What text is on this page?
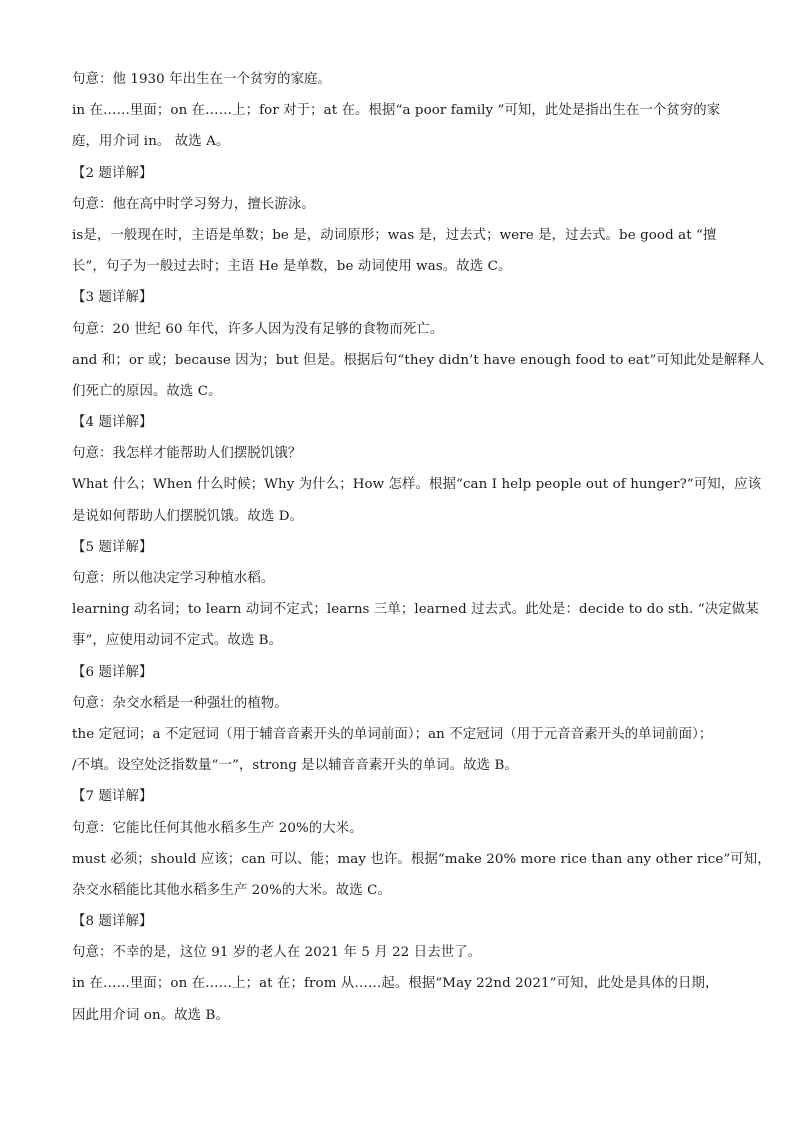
句意：他 1930 年出生在一个贫穷的家庭。
in 在……里面；on 在……上；for 对于；at 在。根据“a poor family ”可知，此处是指出生在一个贫穷的家
庭，用介词 in。 故选 A。
【2 题详解】
句意：他在高中时学习努力，擅长游泳。
is是，一般现在时，主语是单数；be 是，动词原形；was 是，过去式；were 是，过去式。be good at “擅
长”，句子为一般过去时；主语 He 是单数，be 动词使用 was。故选 C。
【3 题详解】
句意：20 世纪 60 年代，许多人因为没有足够的食物而死亡。
and 和；or 或；because 因为；but 但是。根据后句“they didn’t have enough food to eat”可知此处是解释人
们死亡的原因。故选 C。
【4 题详解】
句意：我怎样才能帮助人们摆脱饥饿？
What 什么；When 什么时候；Why 为什么；How 怎样。根据“can I help people out of hunger?”可知，应该
是说如何帮助人们摆脱饥饿。故选 D。
【5 题详解】
句意：所以他决定学习种植水稻。
learning 动名词；to learn 动词不定式；learns 三单；learned 过去式。此处是：decide to do sth. “决定做某
事”，应使用动词不定式。故选 B。
【6 题详解】
句意：杂交水稻是一种强壮的植物。
the 定冠词；a 不定冠词（用于辅音音素开头的单词前面）；an 不定冠词（用于元音音素开头的单词前面）；
/不填。设空处泛指数量“一”，strong 是以辅音音素开头的单词。故选 B。
【7 题详解】
句意：它能比任何其他水稻多生产 20%的大米。
must 必须；should 应该；can 可以、能；may 也许。根据“make 20% more rice than any other rice”可知，
杂交水稻能比其他水稻多生产 20%的大米。故选 C。
【8 题详解】
句意：不幸的是，这位 91 岁的老人在 2021 年 5 月 22 日去世了。
in 在……里面；on 在……上；at 在；from 从……起。根据“May 22nd 2021”可知，此处是具体的日期，
因此用介词 on。故选 B。
